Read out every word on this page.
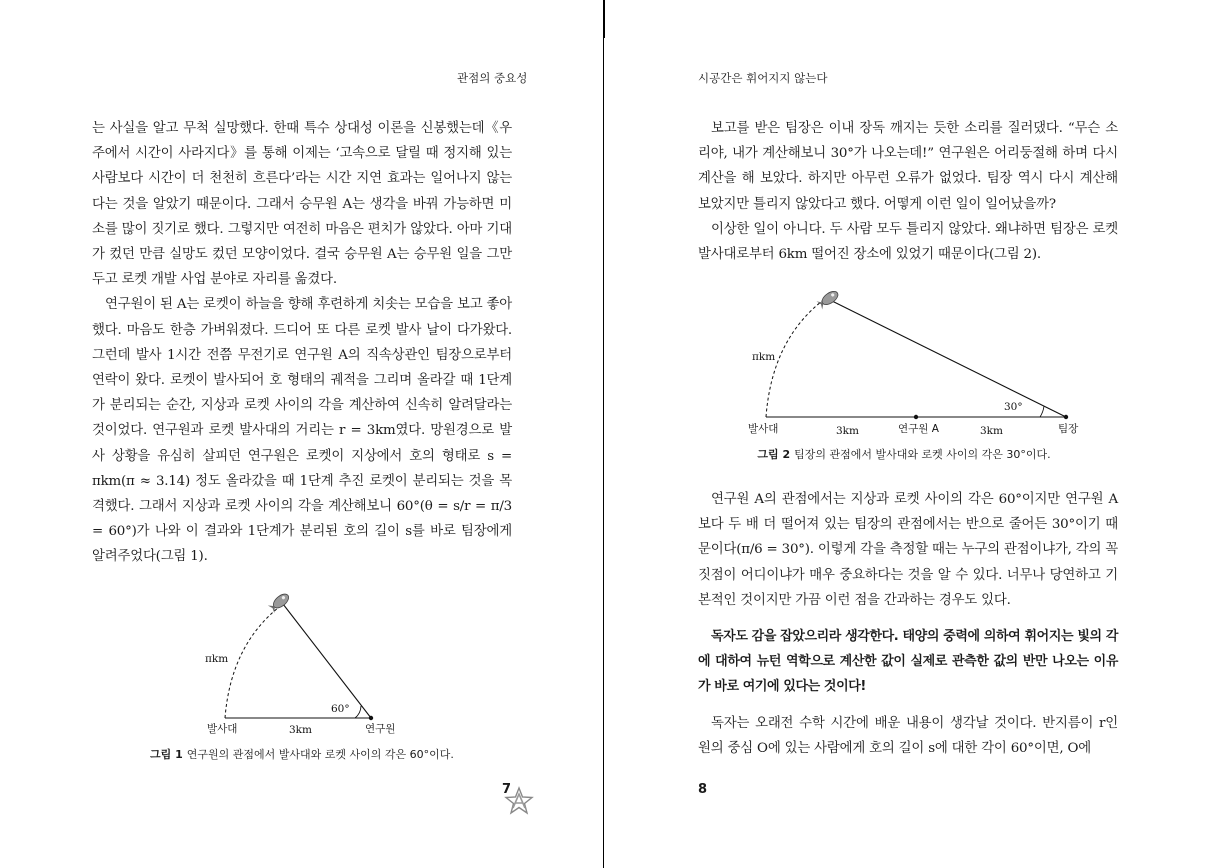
관점의 중요성

는 사실을 알고 무척 실망했다. 한때 특수 상대성 이론을 신봉했는데《우주에서 시간이 사라지다》를 통해 이제는 ‘고속으로 달릴 때 정지해 있는 사람보다 시간이 더 천천히 흐른다’라는 시간 지연 효과는 일어나지 않는다는 것을 알았기 때문이다. 그래서 승무원 A는 생각을 바꿔 가능하면 미소를 많이 짓기로 했다. 그렇지만 여전히 마음은 편치가 않았다. 아마 기대가 컸던 만큼 실망도 컸던 모양이었다. 결국 승무원 A는 승무원 일을 그만 두고 로켓 개발 사업 분야로 자리를 옮겼다.

연구원이 된 A는 로켓이 하늘을 향해 후련하게 치솟는 모습을 보고 좋아했다. 마음도 한층 가벼워졌다. 드디어 또 다른 로켓 발사 날이 다가왔다. 그런데 발사 1시간 전쯤 무전기로 연구원 A의 직속상관인 팀장으로부터 연락이 왔다. 로켓이 발사되어 호 형태의 궤적을 그리며 올라갈 때 1단계가 분리되는 순간, 지상과 로켓 사이의 각을 계산하여 신속히 알려달라는 것이었다. 연구원과 로켓 발사대의 거리는 r = 3km였다. 망원경으로 발사 상황을 유심히 살피던 연구원은 로켓이 지상에서 호의 형태로 s = πkm(π ≈ 3.14) 정도 올라갔을 때 1단계 추진 로켓이 분리되는 것을 목격했다. 그래서 지상과 로켓 사이의 각을 계산해보니 60°(θ = s/r = π/3 = 60°)가 나와 이 결과와 1단계가 분리된 호의 길이 s를 바로 팀장에게 알려주었다(그림 1).

πkm
60°
발사대	3km	연구원
그림 1 연구원의 관점에서 발사대와 로켓 사이의 각은 60°이다.
7
시공간은 휘어지지 않는다

보고를 받은 팀장은 이내 장독 깨지는 듯한 소리를 질러댔다. “무슨 소리야, 내가 계산해보니 30°가 나오는데!” 연구원은 어리둥절해 하며 다시 계산을 해 보았다. 하지만 아무런 오류가 없었다. 팀장 역시 다시 계산해 보았지만 틀리지 않았다고 했다. 어떻게 이런 일이 일어났을까?

이상한 일이 아니다. 두 사람 모두 틀리지 않았다. 왜냐하면 팀장은 로켓 발사대로부터 6km 떨어진 장소에 있었기 때문이다(그림 2).

πkm
30°
발사대	3km	연구원 A	3km	팀장
그림 2 팀장의 관점에서 발사대와 로켓 사이의 각은 30°이다.

연구원 A의 관점에서는 지상과 로켓 사이의 각은 60°이지만 연구원 A보다 두 배 더 떨어져 있는 팀장의 관점에서는 반으로 줄어든 30°이기 때문이다(π/6 = 30°). 이렇게 각을 측정할 때는 누구의 관점이냐가, 각의 꼭짓점이 어디이냐가 매우 중요하다는 것을 알 수 있다. 너무나 당연하고 기본적인 것이지만 가끔 이런 점을 간과하는 경우도 있다.

독자도 감을 잡았으리라 생각한다. 태양의 중력에 의하여 휘어지는 빛의 각에 대하여 뉴턴 역학으로 계산한 값이 실제로 관측한 값의 반만 나오는 이유가 바로 여기에 있다는 것이다!

독자는 오래전 수학 시간에 배운 내용이 생각날 것이다. 반지름이 r인 원의 중심 O에 있는 사람에게 호의 길이 s에 대한 각이 60°이면, O에

8
